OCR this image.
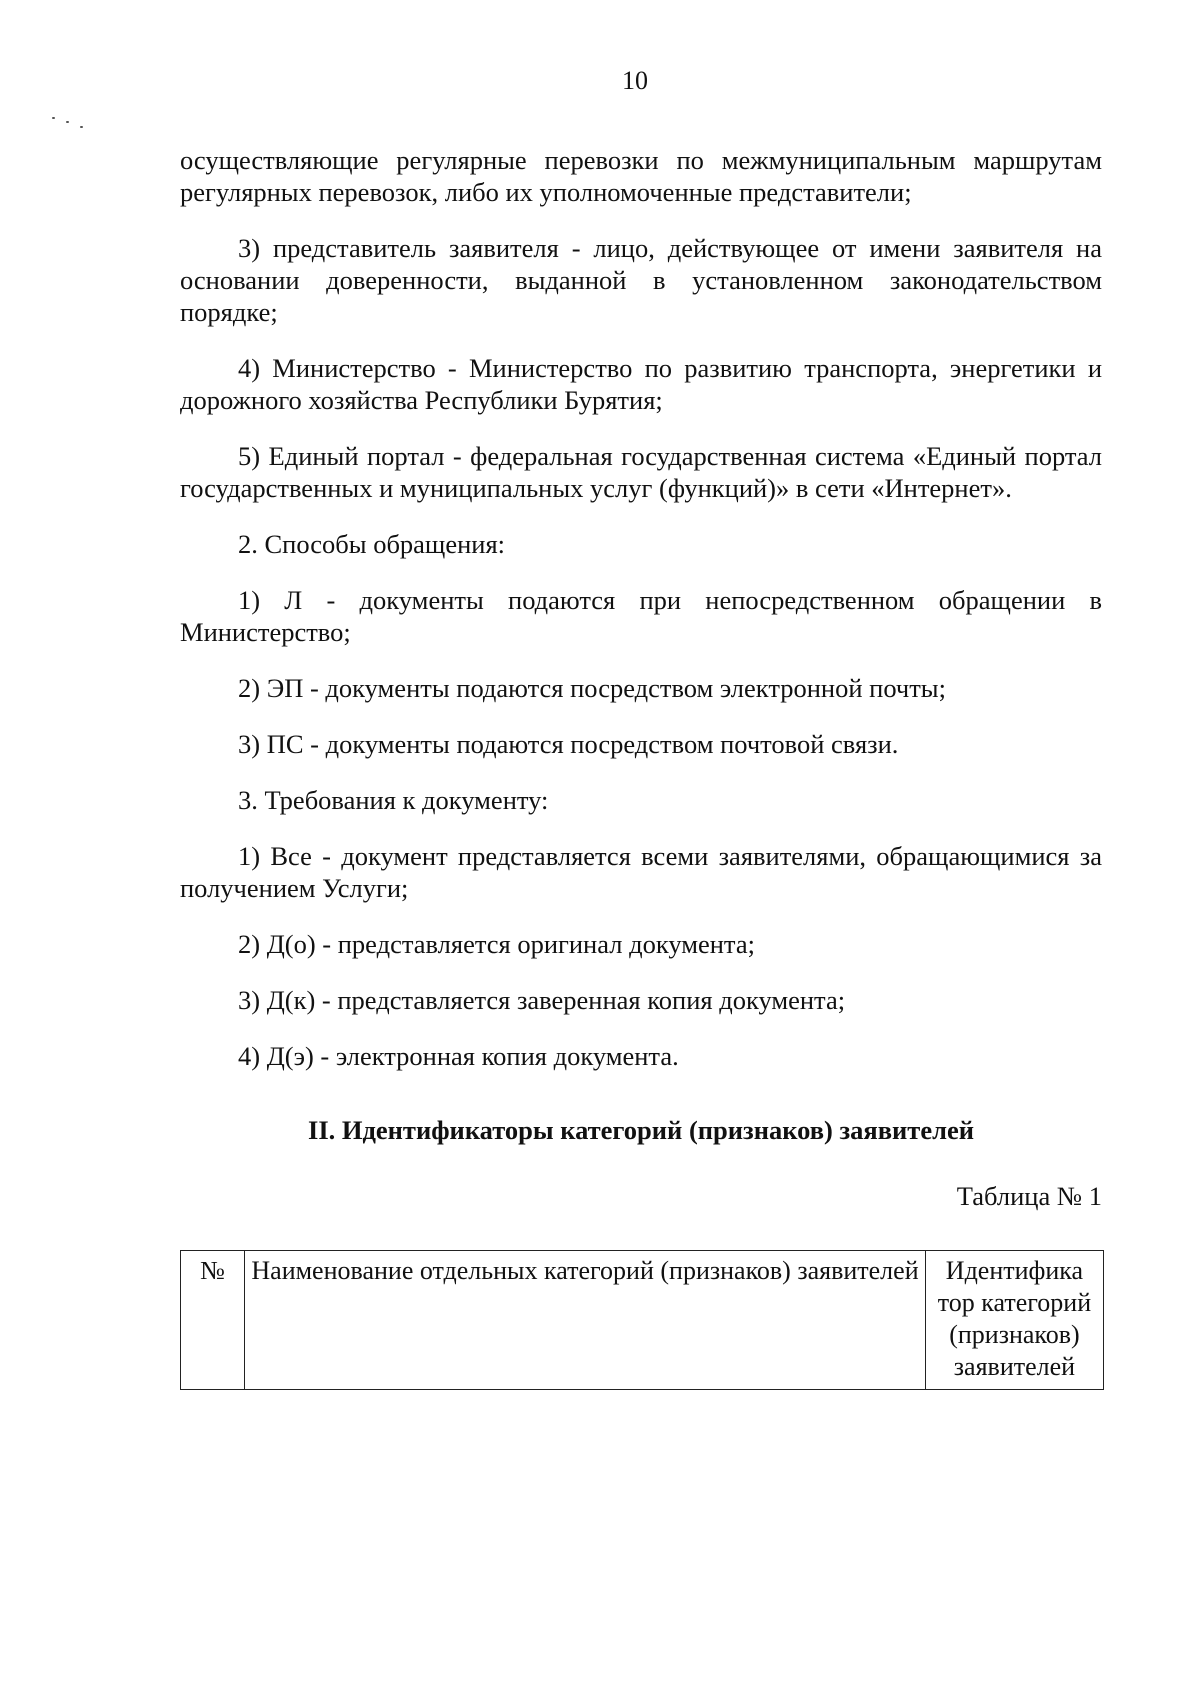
10

осуществляющие регулярные перевозки по межмуниципальным маршрутам регулярных перевозок, либо их уполномоченные представители;

3) представитель заявителя - лицо, действующее от имени заявителя на основании доверенности, выданной в установленном законодательством порядке;

4) Министерство - Министерство по развитию транспорта, энергетики и дорожного хозяйства Республики Бурятия;

5) Единый портал - федеральная государственная система «Единый портал государственных и муниципальных услуг (функций)» в сети «Интернет».

2. Способы обращения:

1) Л - документы подаются при непосредственном обращении в Министерство;

2) ЭП - документы подаются посредством электронной почты;

3) ПС - документы подаются посредством почтовой связи.

3. Требования к документу:

1) Все - документ представляется всеми заявителями, обращающимися за получением Услуги;

2) Д(о) - представляется оригинал документа;

3) Д(к) - представляется заверенная копия документа;

4) Д(э) - электронная копия документа.

II. Идентификаторы категорий (признаков) заявителей
Таблица № 1
№	Наименование отдельных категорий (признаков) заявителей	Идентифика тор категорий (признаков) заявителей
